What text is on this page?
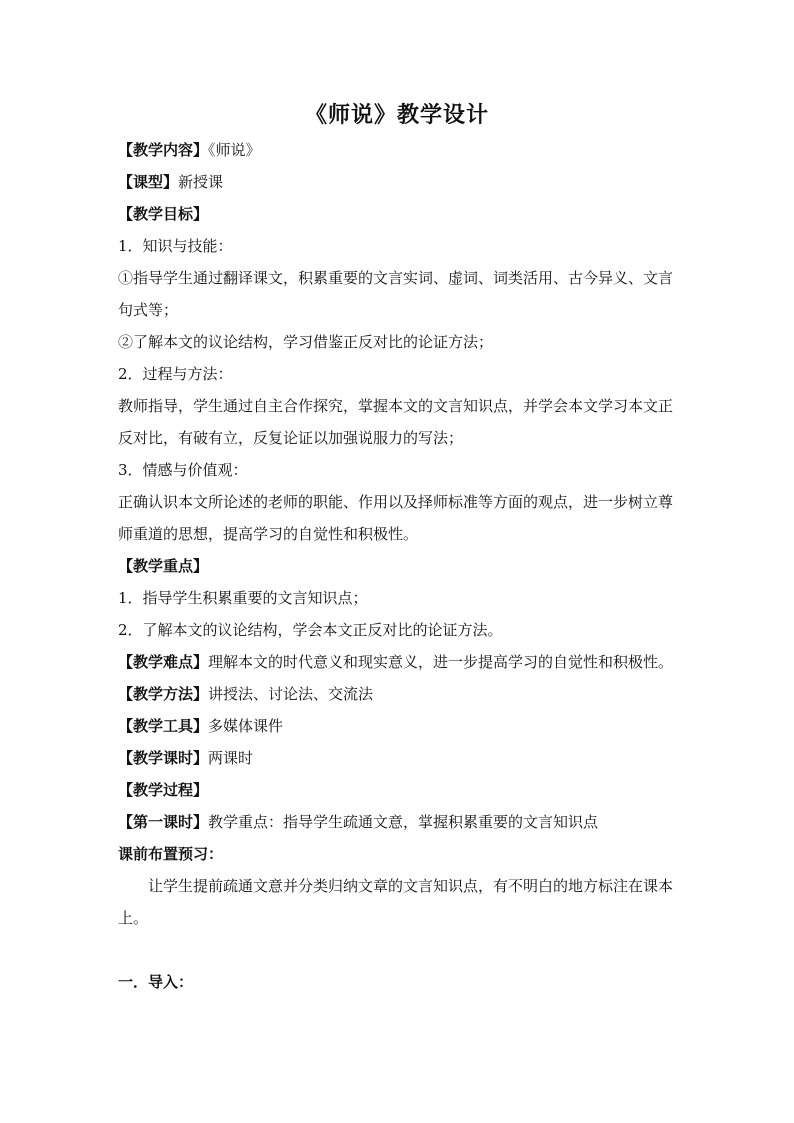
《师说》教学设计
【教学内容】《师说》
【课型】新授课
【教学目标】
1．知识与技能：
①指导学生通过翻译课文，积累重要的文言实词、虚词、词类活用、古今异义、文言句式等；
②了解本文的议论结构，学习借鉴正反对比的论证方法；
2．过程与方法：
教师指导，学生通过自主合作探究，掌握本文的文言知识点，并学会本文学习本文正反对比，有破有立，反复论证以加强说服力的写法；
3．情感与价值观：
正确认识本文所论述的老师的职能、作用以及择师标准等方面的观点，进一步树立尊师重道的思想，提高学习的自觉性和积极性。
【教学重点】
1．指导学生积累重要的文言知识点；
2．了解本文的议论结构，学会本文正反对比的论证方法。
【教学难点】理解本文的时代意义和现实意义，进一步提高学习的自觉性和积极性。
【教学方法】讲授法、讨论法、交流法
【教学工具】多媒体课件
【教学课时】两课时
【教学过程】
【第一课时】教学重点：指导学生疏通文意，掌握积累重要的文言知识点
课前布置预习：
让学生提前疏通文意并分类归纳文章的文言知识点，有不明白的地方标注在课本上。
一．导入：
